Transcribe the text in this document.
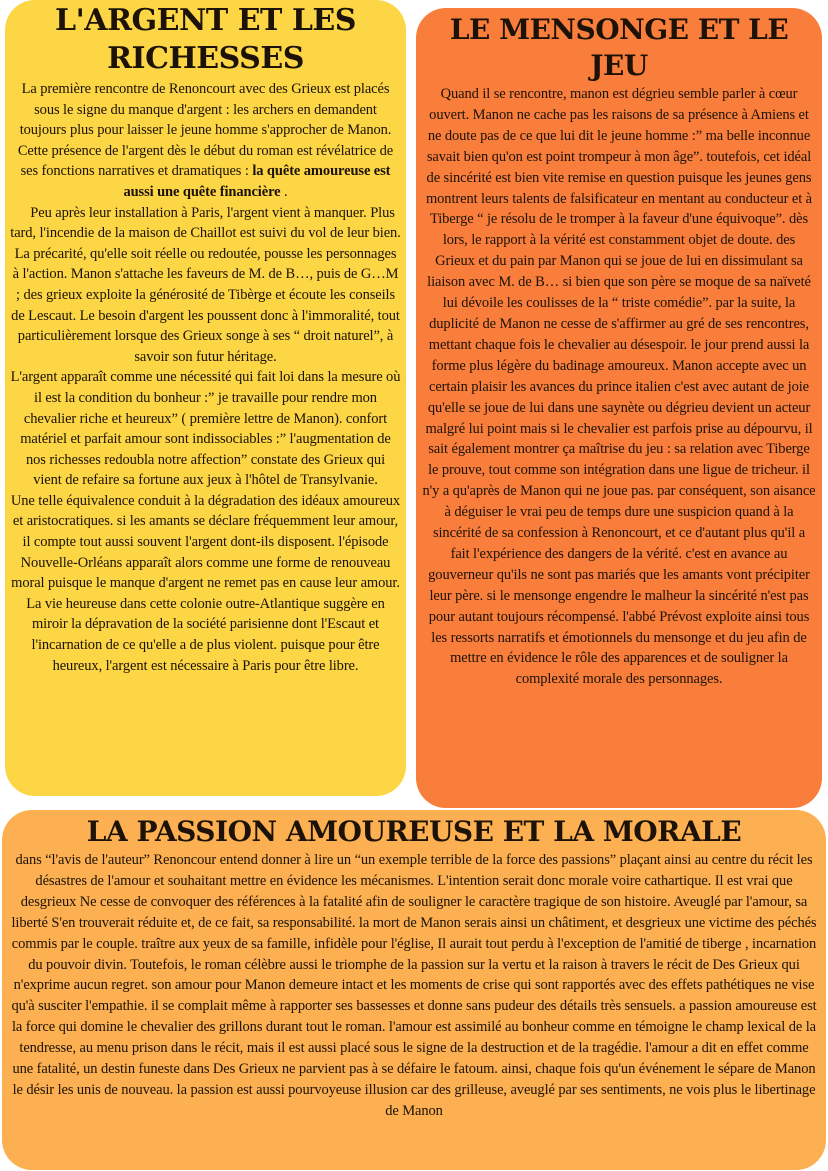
L'ARGENT ET LES RICHESSES

La première rencontre de Renoncourt avec des Grieux est placés sous le signe du manque d'argent : les archers en demandent toujours plus pour laisser le jeune homme s'approcher de Manon. Cette présence de l'argent dès le début du roman est révélatrice de ses fonctions narratives et dramatiques : la quête amoureuse est aussi une quête financière .
Peu après leur installation à Paris, l'argent vient à manquer. Plus tard, l'incendie de la maison de Chaillot est suivi du vol de leur bien. La précarité, qu'elle soit réelle ou redoutée, pousse les personnages à l'action. Manon s'attache les faveurs de M. de B…, puis de G…M ; des grieux exploite la générosité de Tibèrge et écoute les conseils de Lescaut. Le besoin d'argent les poussent donc à l'immoralité, tout particulièrement lorsque des Grieux songe à ses “ droit naturel”, à savoir son futur héritage.
L'argent apparaît comme une nécessité qui fait loi dans la mesure où il est la condition du bonheur :” je travaille pour rendre mon chevalier riche et heureux” ( première lettre de Manon). confort matériel et parfait amour sont indissociables :” l'augmentation de nos richesses redoubla notre affection” constate des Grieux qui vient de refaire sa fortune aux jeux à l'hôtel de Transylvanie.
Une telle équivalence conduit à la dégradation des idéaux amoureux et aristocratiques. si les amants se déclare fréquemment leur amour, il compte tout aussi souvent l'argent dont-ils disposent. l'épisode Nouvelle-Orléans apparaît alors comme une forme de renouveau moral puisque le manque d'argent ne remet pas en cause leur amour. La vie heureuse dans cette colonie outre-Atlantique suggère en miroir la dépravation de la société parisienne dont l'Escaut et l'incarnation de ce qu'elle a de plus violent. puisque pour être heureux, l'argent est nécessaire à Paris pour être libre.

LE MENSONGE ET LE JEU

Quand il se rencontre, manon est dégrieu semble parler à cœur ouvert. Manon ne cache pas les raisons de sa présence à Amiens et ne doute pas de ce que lui dit le jeune homme :” ma belle inconnue savait bien qu'on est point trompeur à mon âge”. toutefois, cet idéal de sincérité est bien vite remise en question puisque les jeunes gens montrent leurs talents de falsificateur en mentant au conducteur et à Tiberge “ je résolu de le tromper à la faveur d'une équivoque”. dès lors, le rapport à la vérité est constamment objet de doute. des Grieux et du pain par Manon qui se joue de lui en dissimulant sa liaison avec M. de B… si bien que son père se moque de sa naïveté lui dévoile les coulisses de la “ triste comédie”. par la suite, la duplicité de Manon ne cesse de s'affirmer au gré de ses rencontres, mettant chaque fois le chevalier au désespoir. le jour prend aussi la forme plus légère du badinage amoureux. Manon accepte avec un certain plaisir les avances du prince italien c'est avec autant de joie qu'elle se joue de lui dans une saynète ou dégrieu devient un acteur malgré lui point mais si le chevalier est parfois prise au dépourvu, il sait également montrer ça maîtrise du jeu : sa relation avec Tiberge le prouve, tout comme son intégration dans une ligue de tricheur. il n'y a qu'après de Manon qui ne joue pas. par conséquent, son aisance à déguiser le vrai peu de temps dure une suspicion quand à la sincérité de sa confession à Renoncourt, et ce d'autant plus qu'il a fait l'expérience des dangers de la vérité. c'est en avance au gouverneur qu'ils ne sont pas mariés que les amants vont précipiter leur père. si le mensonge engendre le malheur la sincérité n'est pas pour autant toujours récompensé. l'abbé Prévost exploite ainsi tous les ressorts narratifs et émotionnels du mensonge et du jeu afin de mettre en évidence le rôle des apparences et de souligner la complexité morale des personnages.

LA PASSION AMOUREUSE ET LA MORALE

dans “l'avis de l'auteur” Renoncour entend donner à lire un “un exemple terrible de la force des passions” plaçant ainsi au centre du récit les désastres de l'amour et souhaitant mettre en évidence les mécanismes. L'intention serait donc morale voire cathartique. Il est vrai que desgrieux Ne cesse de convoquer des références à la fatalité afin de souligner le caractère tragique de son histoire. Aveuglé par l'amour, sa liberté S'en trouverait réduite et, de ce fait, sa responsabilité. la mort de Manon serais ainsi un châtiment, et desgrieux une victime des péchés commis par le couple. traître aux yeux de sa famille, infidèle pour l'église, Il aurait tout perdu à l'exception de l'amitié de tiberge , incarnation du pouvoir divin. Toutefois, le roman célèbre aussi le triomphe de la passion sur la vertu et la raison à travers le récit de Des Grieux qui n'exprime aucun regret. son amour pour Manon demeure intact et les moments de crise qui sont rapportés avec des effets pathétiques ne vise qu'à susciter l'empathie. il se complait même à rapporter ses bassesses et donne sans pudeur des détails très sensuels. a passion amoureuse est la force qui domine le chevalier des grillons durant tout le roman. l'amour est assimilé au bonheur comme en témoigne le champ lexical de la tendresse, au menu prison dans le récit, mais il est aussi placé sous le signe de la destruction et de la tragédie. l'amour a dit en effet comme une fatalité, un destin funeste dans Des Grieux ne parvient pas à se défaire le fatoum. ainsi, chaque fois qu'un événement le sépare de Manon le désir les unis de nouveau. la passion est aussi pourvoyeuse illusion car des grilleuse, aveuglé par ses sentiments, ne vois plus le libertinage de Manon
